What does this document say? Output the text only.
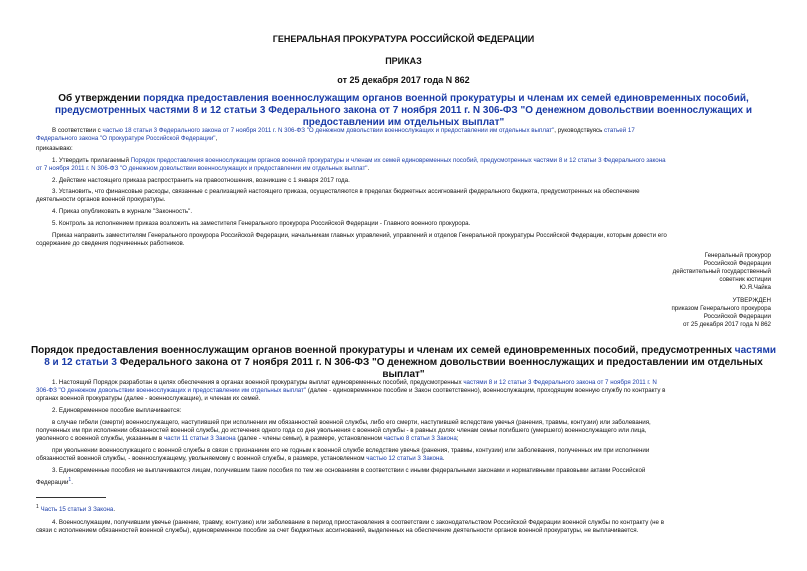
ГЕНЕРАЛЬНАЯ ПРОКУРАТУРА РОССИЙСКОЙ ФЕДЕРАЦИИ
ПРИКАЗ
от 25 декабря 2017 года N 862
Об утверждении порядка предоставления военнослужащим органов военной прокуратуры и членам их семей единовременных пособий, предусмотренных частями 8 и 12 статьи 3 Федерального закона от 7 ноября 2011 г. N 306-ФЗ "О денежном довольствии военнослужащих и предоставлении им отдельных выплат"
В соответствии с частью 18 статьи 3 Федерального закона от 7 ноября 2011 г. N 306-ФЗ "О денежном довольствии военнослужащих и предоставлении им отдельных выплат", руководствуясь статьей 17
Федерального закона "О прокуратуре Российской Федерации",
приказываю:
1. Утвердить прилагаемый Порядок предоставления военнослужащим органов военной прокуратуры и членам их семей единовременных пособий, предусмотренных частями 8 и 12 статьи 3 Федерального закона
от 7 ноября 2011 г. N 306-ФЗ "О денежном довольствии военнослужащих и предоставлении им отдельных выплат".
2. Действие настоящего приказа распространить на правоотношения, возникшие с 1 января 2017 года.
3. Установить, что финансовые расходы, связанные с реализацией настоящего приказа, осуществляются в пределах бюджетных ассигнований федерального бюджета, предусмотренных на обеспечение
деятельности органов военной прокуратуры.
4. Приказ опубликовать в журнале "Законность".
5. Контроль за исполнением приказа возложить на заместителя Генерального прокурора Российской Федерации - Главного военного прокурора.
Приказ направить заместителям Генерального прокурора Российской Федерации, начальникам главных управлений, управлений и отделов Генеральной прокуратуры Российской Федерации, которым довести его
содержание до сведения подчиненных работников.
Генеральный прокурор
Российской Федерации
действительный государственный
советник юстиции
Ю.Я.Чайка
УТВЕРЖДЕН
приказом Генерального прокурора
Российской Федерации
от 25 декабря 2017 года N 862
Порядок предоставления военнослужащим органов военной прокуратуры и членам их семей единовременных пособий, предусмотренных частями 8 и 12 статьи 3 Федерального закона от 7 ноября 2011 г. N 306-ФЗ "О денежном довольствии военнослужащих и предоставлении им отдельных выплат"
1. Настоящий Порядок разработан в целях обеспечения в органах военной прокуратуры выплат единовременных пособий, предусмотренных частями 8 и 12 статьи 3 Федерального закона от 7 ноября 2011 г. N
306-ФЗ "О денежном довольствии военнослужащих и предоставлении им отдельных выплат" (далее - единовременное пособие и Закон соответственно), военнослужащим, проходящим военную службу по контракту в
органах военной прокуратуры (далее - военнослужащие), и членам их семей.
2. Единовременное пособие выплачивается:
в случае гибели (смерти) военнослужащего, наступившей при исполнении им обязанностей военной службы, либо его смерти, наступившей вследствие увечья (ранения, травмы, контузии) или заболевания,
полученных им при исполнении обязанностей военной службы, до истечения одного года со дня увольнения с военной службы - в равных долях членам семьи погибшего (умершего) военнослужащего или лица,
уволенного с военной службы, указанным в части 11 статьи 3 Закона (далее - члены семьи), в размере, установленном частью 8 статьи 3 Закона;
при увольнении военнослужащего с военной службы в связи с признанием его не годным к военной службе вследствие увечья (ранения, травмы, контузии) или заболевания, полученных им при исполнении
обязанностей военной службы, - военнослужащему, увольняемому с военной службы, в размере, установленном частью 12 статьи 3 Закона.
3. Единовременные пособия не выплачиваются лицам, получившим такие пособия по тем же основаниям в соответствии с иными федеральными законами и нормативными правовыми актами Российской
Федерации$^1$.
$^1$ Часть 15 статьи 3 Закона.
4. Военнослужащим, получившим увечье (ранение, травму, контузию) или заболевание в период приостановления в соответствии с законодательством Российской Федерации военной службы по контракту (не в
связи с исполнением обязанностей военной службы), единовременное пособие за счет бюджетных ассигнований, выделенных на обеспечение деятельности органов военной прокуратуры, не выплачивается.
